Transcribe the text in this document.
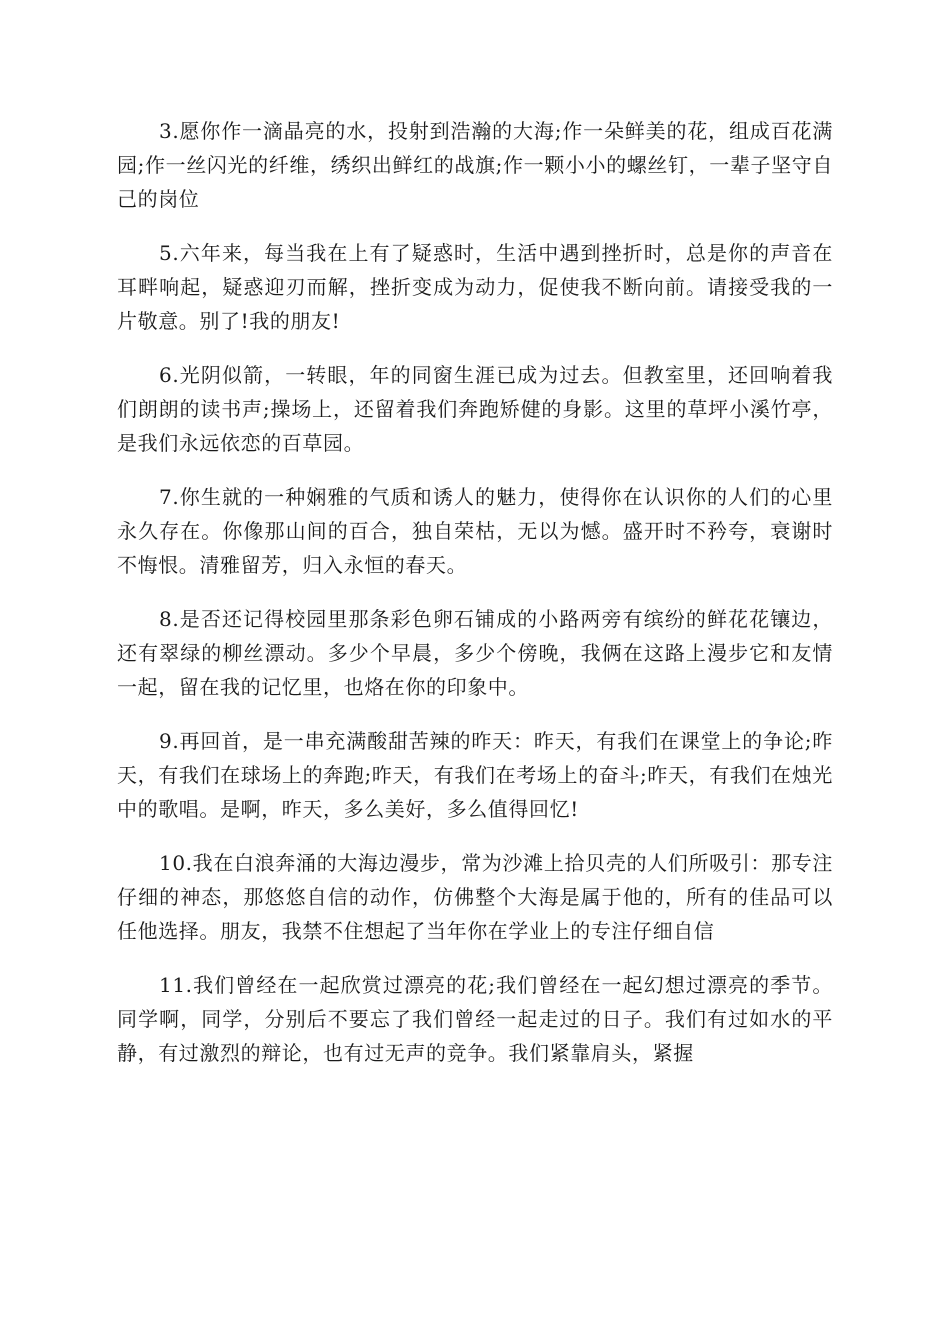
3.愿你作一滴晶亮的水，投射到浩瀚的大海;作一朵鲜美的花，组成百花满园;作一丝闪光的纤维，绣织出鲜红的战旗;作一颗小小的螺丝钉，一辈子坚守自己的岗位

5.六年来，每当我在上有了疑惑时，生活中遇到挫折时，总是你的声音在耳畔响起，疑惑迎刃而解，挫折变成为动力，促使我不断向前。请接受我的一片敬意。别了!我的朋友!

6.光阴似箭，一转眼，年的同窗生涯已成为过去。但教室里，还回响着我们朗朗的读书声;操场上，还留着我们奔跑矫健的身影。这里的草坪小溪竹亭，是我们永远依恋的百草园。

7.你生就的一种娴雅的气质和诱人的魅力，使得你在认识你的人们的心里永久存在。你像那山间的百合，独自荣枯，无以为憾。盛开时不矜夸，衰谢时不悔恨。清雅留芳，归入永恒的春天。

8.是否还记得校园里那条彩色卵石铺成的小路两旁有缤纷的鲜花花镶边，还有翠绿的柳丝漂动。多少个早晨，多少个傍晚，我俩在这路上漫步它和友情一起，留在我的记忆里，也烙在你的印象中。

9.再回首，是一串充满酸甜苦辣的昨天：昨天，有我们在课堂上的争论;昨天，有我们在球场上的奔跑;昨天，有我们在考场上的奋斗;昨天，有我们在烛光中的歌唱。是啊，昨天，多么美好，多么值得回忆!

10.我在白浪奔涌的大海边漫步，常为沙滩上拾贝壳的人们所吸引：那专注仔细的神态，那悠悠自信的动作，仿佛整个大海是属于他的，所有的佳品可以任他选择。朋友，我禁不住想起了当年你在学业上的专注仔细自信

11.我们曾经在一起欣赏过漂亮的花;我们曾经在一起幻想过漂亮的季节。同学啊，同学，分别后不要忘了我们曾经一起走过的日子。我们有过如水的平静，有过激烈的辩论，也有过无声的竞争。我们紧靠肩头，紧握
